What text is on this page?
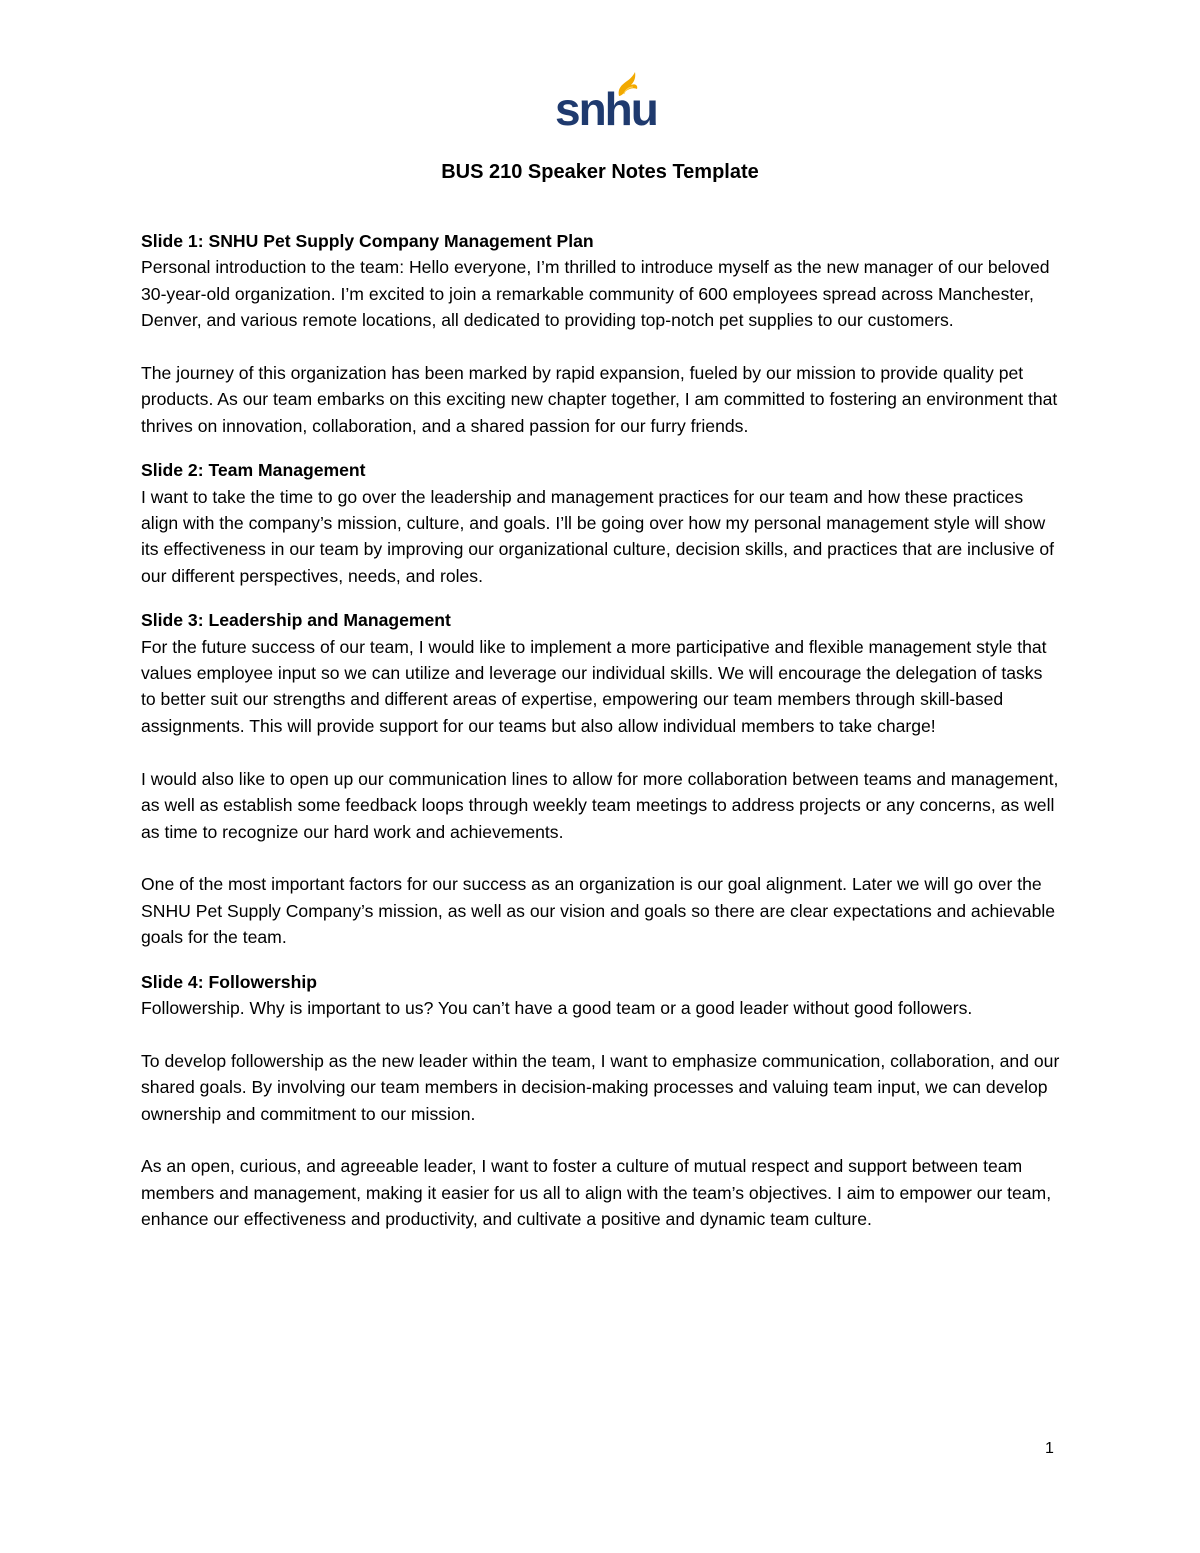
snhu
BUS 210 Speaker Notes Template

Slide 1: SNHU Pet Supply Company Management Plan

Personal introduction to the team: Hello everyone, I’m thrilled to introduce myself as the new manager of our beloved 30-year-old organization. I’m excited to join a remarkable community of 600 employees spread across Manchester, Denver, and various remote locations, all dedicated to providing top-notch pet supplies to our customers.

The journey of this organization has been marked by rapid expansion, fueled by our mission to provide quality pet products. As our team embarks on this exciting new chapter together, I am committed to fostering an environment that thrives on innovation, collaboration, and a shared passion for our furry friends.

Slide 2: Team Management

I want to take the time to go over the leadership and management practices for our team and how these practices align with the company’s mission, culture, and goals. I’ll be going over how my personal management style will show its effectiveness in our team by improving our organizational culture, decision skills, and practices that are inclusive of our different perspectives, needs, and roles.

Slide 3: Leadership and Management

For the future success of our team, I would like to implement a more participative and flexible management style that values employee input so we can utilize and leverage our individual skills. We will encourage the delegation of tasks to better suit our strengths and different areas of expertise, empowering our team members through skill-based assignments. This will provide support for our teams but also allow individual members to take charge!

I would also like to open up our communication lines to allow for more collaboration between teams and management, as well as establish some feedback loops through weekly team meetings to address projects or any concerns, as well as time to recognize our hard work and achievements.

One of the most important factors for our success as an organization is our goal alignment. Later we will go over the SNHU Pet Supply Company’s mission, as well as our vision and goals so there are clear expectations and achievable goals for the team.

Slide 4: Followership

Followership. Why is important to us? You can’t have a good team or a good leader without good followers.

To develop followership as the new leader within the team, I want to emphasize communication, collaboration, and our shared goals. By involving our team members in decision-making processes and valuing team input, we can develop ownership and commitment to our mission.

As an open, curious, and agreeable leader, I want to foster a culture of mutual respect and support between team members and management, making it easier for us all to align with the team’s objectives. I aim to empower our team, enhance our effectiveness and productivity, and cultivate a positive and dynamic team culture.

1
